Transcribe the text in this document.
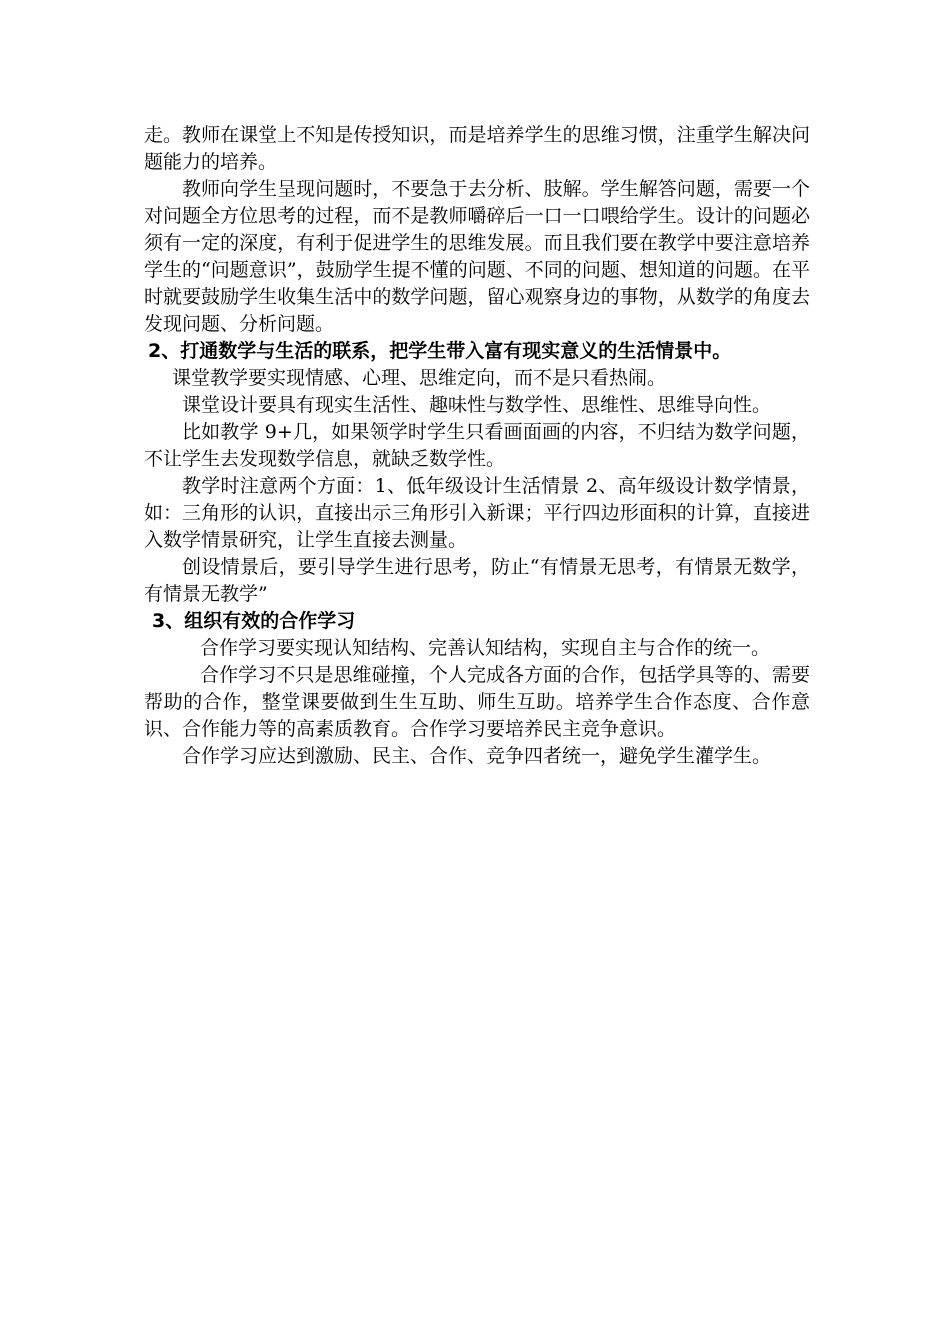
走。教师在课堂上不知是传授知识，而是培养学生的思维习惯，注重学生解决问题能力的培养。

教师向学生呈现问题时，不要急于去分析、肢解。学生解答问题，需要一个对问题全方位思考的过程，而不是教师嚼碎后一口一口喂给学生。设计的问题必须有一定的深度，有利于促进学生的思维发展。而且我们要在教学中要注意培养学生的“问题意识”，鼓励学生提不懂的问题、不同的问题、想知道的问题。在平时就要鼓励学生收集生活中的数学问题，留心观察身边的事物，从数学的角度去发现问题、分析问题。

2、打通数学与生活的联系，把学生带入富有现实意义的生活情景中。

课堂教学要实现情感、心理、思维定向，而不是只看热闹。

课堂设计要具有现实生活性、趣味性与数学性、思维性、思维导向性。

比如教学 9+几，如果领学时学生只看画面画的内容，不归结为数学问题，不让学生去发现数学信息，就缺乏数学性。

教学时注意两个方面：1、低年级设计生活情景 2、高年级设计数学情景，如：三角形的认识，直接出示三角形引入新课；平行四边形面积的计算，直接进入数学情景研究，让学生直接去测量。

创设情景后，要引导学生进行思考，防止“有情景无思考，有情景无数学，有情景无教学”

3、组织有效的合作学习

合作学习要实现认知结构、完善认知结构，实现自主与合作的统一。

合作学习不只是思维碰撞，个人完成各方面的合作，包括学具等的、需要帮助的合作，整堂课要做到生生互助、师生互助。培养学生合作态度、合作意识、合作能力等的高素质教育。合作学习要培养民主竞争意识。

合作学习应达到激励、民主、合作、竞争四者统一，避免学生灌学生。
